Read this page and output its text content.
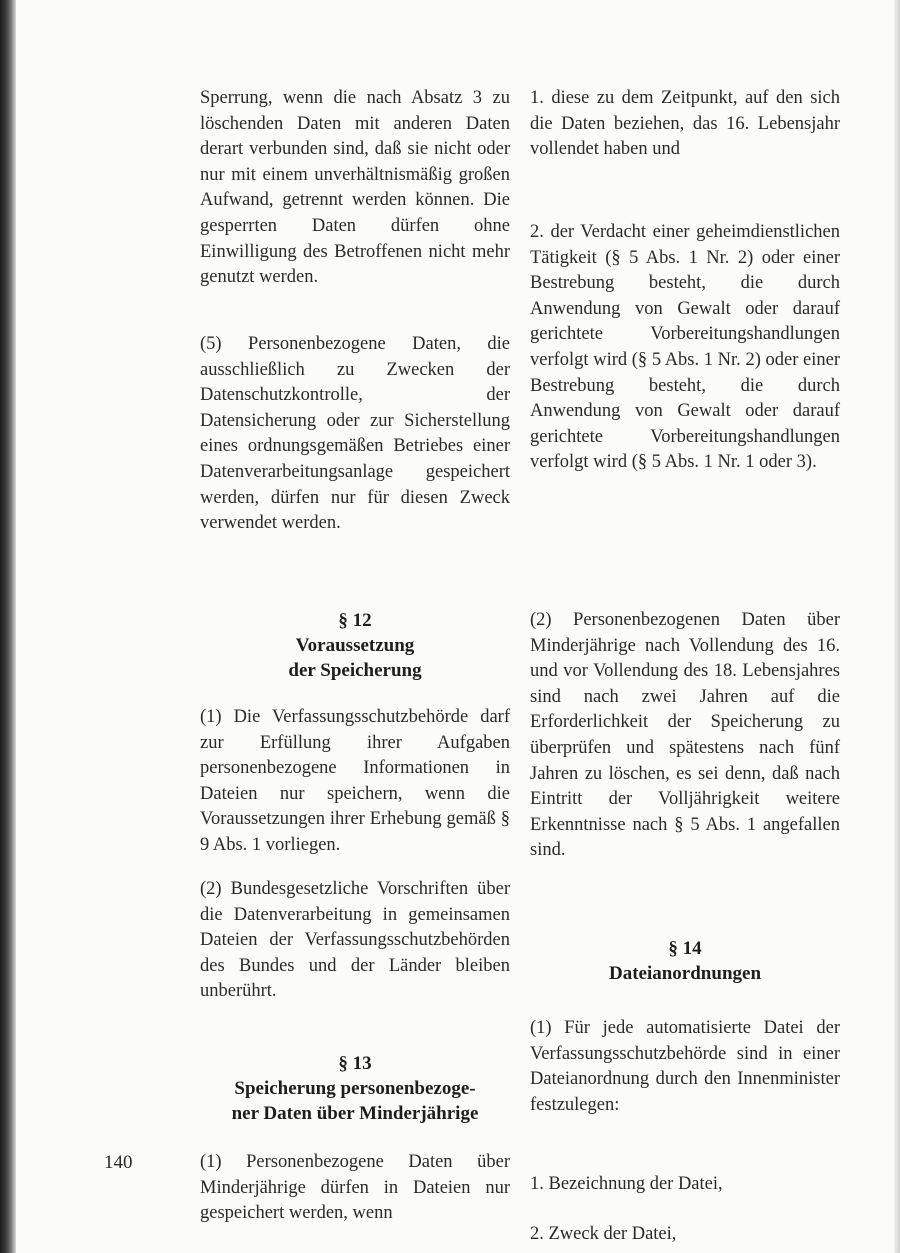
Sperrung, wenn die nach Absatz 3 zu löschenden Daten mit anderen Daten derart verbunden sind, daß sie nicht oder nur mit einem unverhältnismäßig großen Aufwand, getrennt werden können. Die gesperrten Daten dürfen ohne Einwilligung des Betroffenen nicht mehr genutzt werden.

(5) Personenbezogene Daten, die ausschließlich zu Zwecken der Datenschutzkontrolle, der Datensicherung oder zur Sicherstellung eines ordnungsgemäßen Betriebes einer Datenverarbeitungsanlage gespeichert werden, dürfen nur für diesen Zweck verwendet werden.

§ 12
Voraussetzung
der Speicherung

(1) Die Verfassungsschutzbehörde darf zur Erfüllung ihrer Aufgaben personenbezogene Informationen in Dateien nur speichern, wenn die Voraussetzungen ihrer Erhebung gemäß § 9 Abs. 1 vorliegen.

(2) Bundesgesetzliche Vorschriften über die Datenverarbeitung in gemeinsamen Dateien der Verfassungsschutzbehörden des Bundes und der Länder bleiben unberührt.

§ 13
Speicherung personenbezoge-
ner Daten über Minderjährige

(1) Personenbezogene Daten über Minderjährige dürfen in Dateien nur gespeichert werden, wenn

1. diese zu dem Zeitpunkt, auf den sich die Daten beziehen, das 16. Lebensjahr vollendet haben und

2. der Verdacht einer geheimdienstlichen Tätigkeit (§ 5 Abs. 1 Nr. 2) oder einer Bestrebung besteht, die durch Anwendung von Gewalt oder darauf gerichtete Vorbereitungshandlungen verfolgt wird (§ 5 Abs. 1 Nr. 2) oder einer Bestrebung besteht, die durch Anwendung von Gewalt oder darauf gerichtete Vorbereitungshandlungen verfolgt wird (§ 5 Abs. 1 Nr. 1 oder 3).

(2) Personenbezogenen Daten über Minderjährige nach Vollendung des 16. und vor Vollendung des 18. Lebensjahres sind nach zwei Jahren auf die Erforderlichkeit der Speicherung zu überprüfen und spätestens nach fünf Jahren zu löschen, es sei denn, daß nach Eintritt der Volljährigkeit weitere Erkenntnisse nach § 5 Abs. 1 angefallen sind.

§ 14
Dateianordnungen

(1) Für jede automatisierte Datei der Verfassungsschutzbehörde sind in einer Dateianordnung durch den Innenminister festzulegen:

1. Bezeichnung der Datei,

2. Zweck der Datei,

140
